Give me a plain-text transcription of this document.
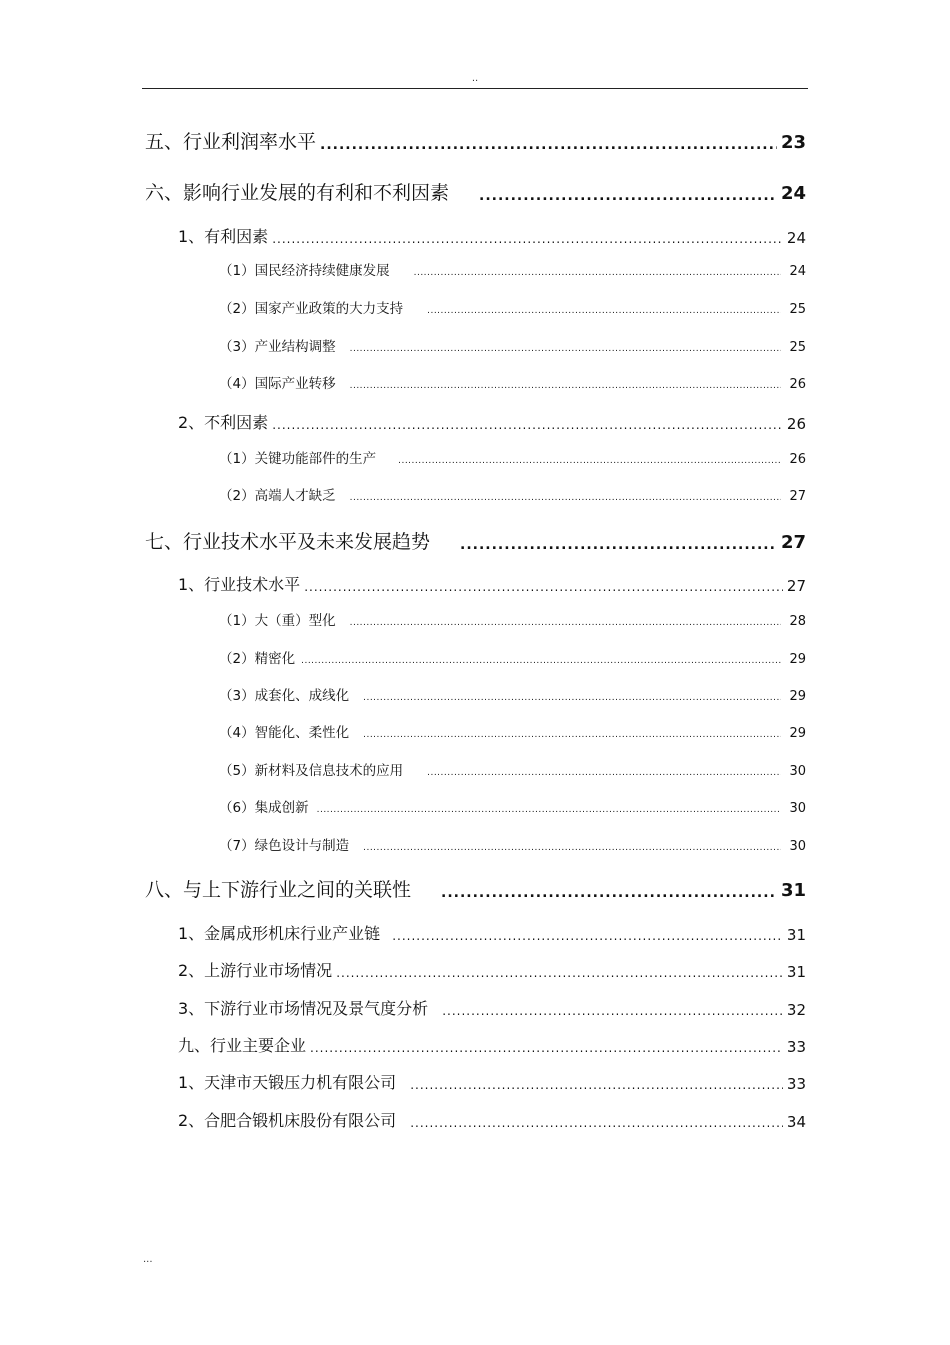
..
五、行业利润率水平 .....	23
六、影响行业发展的有利和不利因素 .....	24
1、有利因素 .....	24
（1）国民经济持续健康发展 .....	24
（2）国家产业政策的大力支持 .....	25
（3）产业结构调整 .....	25
（4）国际产业转移 .....	26
2、不利因素 .....	26
（1）关键功能部件的生产 .....	26
（2）高端人才缺乏 .....	27
七、行业技术水平及未来发展趋势 .....	27
1、行业技术水平 .....	27
（1）大（重）型化 .....	28
（2）精密化 .....	29
（3）成套化、成线化 .....	29
（4）智能化、柔性化 .....	29
（5）新材料及信息技术的应用 .....	30
（6）集成创新 .....	30
（7）绿色设计与制造 .....	30
八、与上下游行业之间的关联性 .....	31
1、金属成形机床行业产业链 .....	31
2、上游行业市场情况 .....	31
3、下游行业市场情况及景气度分析 .....	32
九、行业主要企业 .....	33
1、天津市天锻压力机有限公司 .....	33
2、合肥合锻机床股份有限公司 .....	34
...
